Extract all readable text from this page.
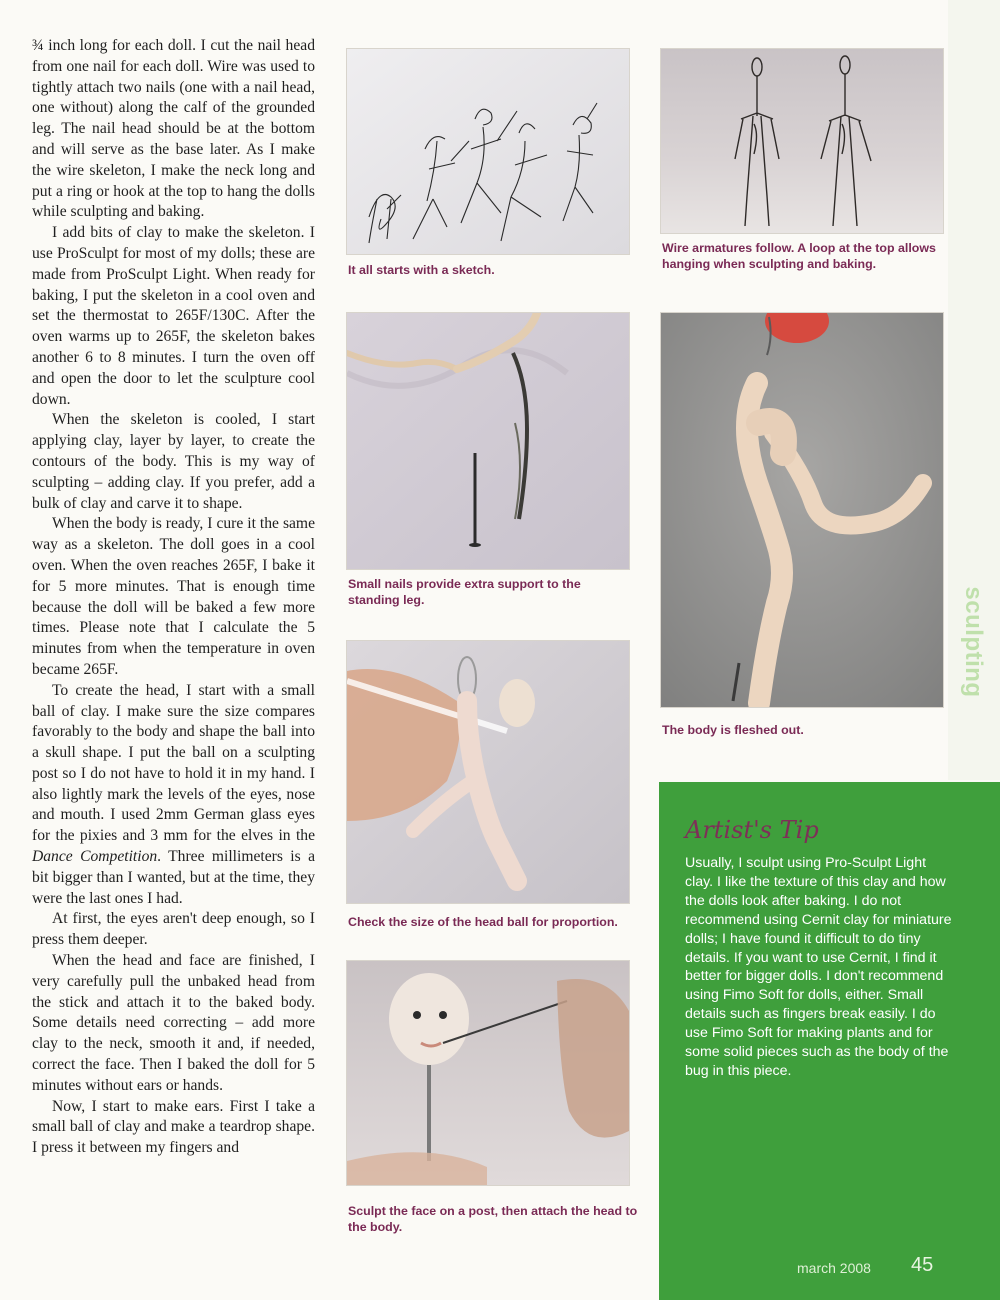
¾ inch long for each doll. I cut the nail head from one nail for each doll. Wire was used to tightly attach two nails (one with a nail head, one without) along the calf of the grounded leg. The nail head should be at the bottom and will serve as the base later. As I make the wire skeleton, I make the neck long and put a ring or hook at the top to hang the dolls while sculpting and baking.

I add bits of clay to make the skeleton. I use ProSculpt for most of my dolls; these are made from ProSculpt Light. When ready for baking, I put the skeleton in a cool oven and set the thermostat to 265F/130C. After the oven warms up to 265F, the skeleton bakes another 6 to 8 minutes. I turn the oven off and open the door to let the sculpture cool down.

When the skeleton is cooled, I start applying clay, layer by layer, to create the contours of the body. This is my way of sculpting – adding clay. If you prefer, add a bulk of clay and carve it to shape.

When the body is ready, I cure it the same way as a skeleton. The doll goes in a cool oven. When the oven reaches 265F, I bake it for 5 more minutes. That is enough time because the doll will be baked a few more times. Please note that I calculate the 5 minutes from when the temperature in oven became 265F.

To create the head, I start with a small ball of clay. I make sure the size compares favorably to the body and shape the ball into a skull shape. I put the ball on a sculpting post so I do not have to hold it in my hand. I also lightly mark the levels of the eyes, nose and mouth. I used 2mm German glass eyes for the pixies and 3 mm for the elves in the Dance Competition. Three millimeters is a bit bigger than I wanted, but at the time, they were the last ones I had.

At first, the eyes aren't deep enough, so I press them deeper.

When the head and face are finished, I very carefully pull the unbaked head from the stick and attach it to the baked body. Some details need correcting – add more clay to the neck, smooth it and, if needed, correct the face. Then I baked the doll for 5 minutes without ears or hands.

Now, I start to make ears. First I take a small ball of clay and make a teardrop shape. I press it between my fingers and

It all starts with a sketch.
Wire armatures follow. A loop at the top allows hanging when sculpting and baking.
Small nails provide extra support to the standing leg.
The body is fleshed out.
sculpting
Check the size of the head ball for proportion.
Sculpt the face on a post, then attach the head to the body.
Artist's Tip
Usually, I sculpt using Pro-Sculpt Light clay. I like the texture of this clay and how the dolls look after baking. I do not recommend using Cernit clay for miniature dolls; I have found it difficult to do tiny details. If you want to use Cernit, I find it better for bigger dolls. I don't recommend using Fimo Soft for dolls, either. Small details such as fingers break easily. I do use Fimo Soft for making plants and for some solid pieces such as the body of the bug in this piece.
march 2008 45
